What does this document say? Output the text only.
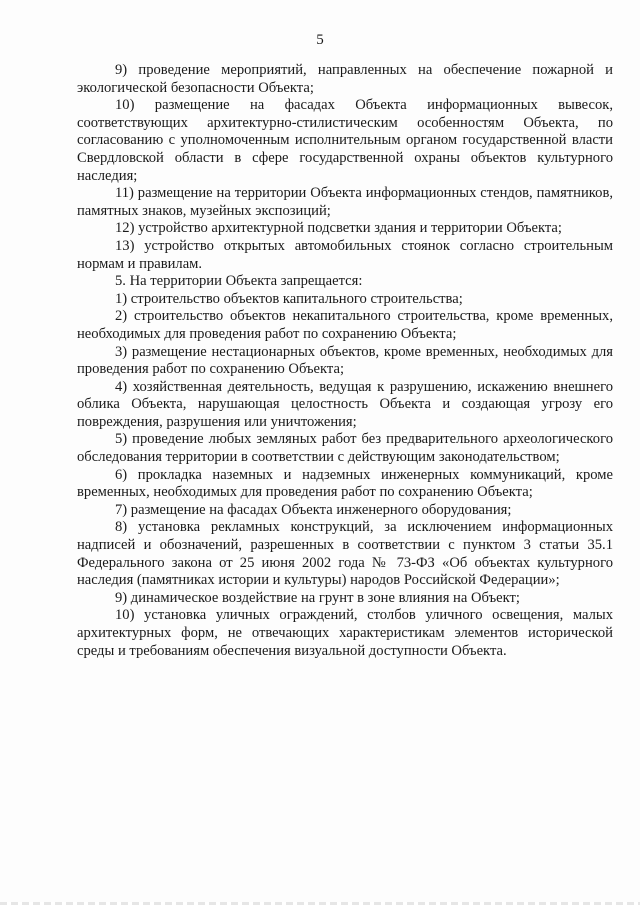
5

9) проведение мероприятий, направленных на обеспечение пожарной и экологической безопасности Объекта;

10) размещение на фасадах Объекта информационных вывесок, соответствующих архитектурно-стилистическим особенностям Объекта, по согласованию с уполномоченным исполнительным органом государственной власти Свердловской области в сфере государственной охраны объектов культурного наследия;

11) размещение на территории Объекта информационных стендов, памятников, памятных знаков, музейных экспозиций;

12) устройство архитектурной подсветки здания и территории Объекта;

13) устройство открытых автомобильных стоянок согласно строительным нормам и правилам.

5. На территории Объекта запрещается:

1) строительство объектов капитального строительства;

2) строительство объектов некапитального строительства, кроме временных, необходимых для проведения работ по сохранению Объекта;

3) размещение нестационарных объектов, кроме временных, необходимых для проведения работ по сохранению Объекта;

4) хозяйственная деятельность, ведущая к разрушению, искажению внешнего облика Объекта, нарушающая целостность Объекта и создающая угрозу его повреждения, разрушения или уничтожения;

5) проведение любых земляных работ без предварительного археологического обследования территории в соответствии с действующим законодательством;

6) прокладка наземных и надземных инженерных коммуникаций, кроме временных, необходимых для проведения работ по сохранению Объекта;

7) размещение на фасадах Объекта инженерного оборудования;

8) установка рекламных конструкций, за исключением информационных надписей и обозначений, разрешенных в соответствии с пунктом 3 статьи 35.1 Федерального закона от 25 июня 2002 года № 73-ФЗ «Об объектах культурного наследия (памятниках истории и культуры) народов Российской Федерации»;

9) динамическое воздействие на грунт в зоне влияния на Объект;

10) установка уличных ограждений, столбов уличного освещения, малых архитектурных форм, не отвечающих характеристикам элементов исторической среды и требованиям обеспечения визуальной доступности Объекта.
